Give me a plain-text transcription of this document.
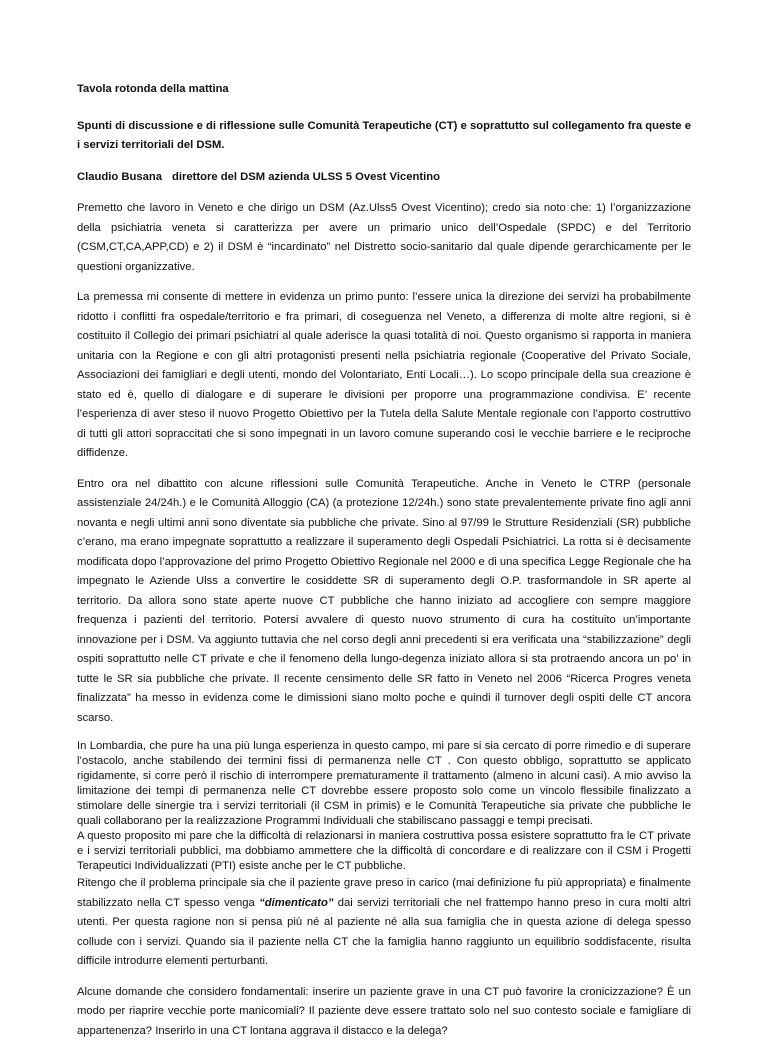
Tavola rotonda della mattina

Spunti di discussione e di riflessione sulle Comunità Terapeutiche (CT) e soprattutto sul collegamento fra queste e i servizi territoriali del DSM.

Claudio Busana direttore del DSM azienda ULSS 5 Ovest Vicentino

Premetto che lavoro in Veneto e che dirigo un DSM (Az.Ulss5 Ovest Vicentino); credo sia noto che: 1) l’organizzazione della psichiatria veneta si caratterizza per avere un primario unico dell’Ospedale (SPDC) e del Territorio (CSM,CT,CA,APP,CD) e 2) il DSM è “incardinato” nel Distretto socio-sanitario dal quale dipende gerarchicamente per le questioni organizzative.

La premessa mi consente di mettere in evidenza un primo punto: l’essere unica la direzione dei servizi ha probabilmente ridotto i conflitti fra ospedale/territorio e fra primari, di coseguenza nel Veneto, a differenza di molte altre regioni, si è costituito il Collegio dei primari psichiatri al quale aderisce la quasi totalità di noi. Questo organismo si rapporta in maniera unitaria con la Regione e con gli altri protagonisti presenti nella psichiatria regionale (Cooperative del Privato Sociale, Associazioni dei famigliari e degli utenti, mondo del Volontariato, Enti Locali…). Lo scopo principale della sua creazione è stato ed è, quello di dialogare e di superare le divisioni per proporre una programmazione condivisa. E’ recente l’esperienza di aver steso il nuovo Progetto Obiettivo per la Tutela della Salute Mentale regionale con l’apporto costruttivo di tutti gli attori sopraccitati che si sono impegnati in un lavoro comune superando così le vecchie barriere e le reciproche diffidenze.

Entro ora nel dibattito con alcune riflessioni sulle Comunità Terapeutiche. Anche in Veneto le CTRP (personale assistenziale 24/24h.) e le Comunità Alloggio (CA) (a protezione 12/24h.) sono state prevalentemente private fino agli anni novanta e negli ultimi anni sono diventate sia pubbliche che private. Sino al 97/99 le Strutture Residenziali (SR) pubbliche c’erano, ma erano impegnate soprattutto a realizzare il superamento degli Ospedali Psichiatrici. La rotta si è decisamente modificata dopo l’approvazione del primo Progetto Obiettivo Regionale nel 2000 e di una specifica Legge Regionale che ha impegnato le Aziende Ulss a convertire le cosiddette SR di superamento degli O.P. trasformandole in SR aperte al territorio. Da allora sono state aperte nuove CT pubbliche che hanno iniziato ad accogliere con sempre maggiore frequenza i pazienti del territorio. Potersi avvalere di questo nuovo strumento di cura ha costituito un’importante innovazione per i DSM. Va aggiunto tuttavia che nel corso degli anni precedenti si era verificata una “stabilizzazione” degli ospiti soprattutto nelle CT private e che il fenomeno della lungo-degenza iniziato allora si sta protraendo ancora un po’ in tutte le SR sia pubbliche che private. Il recente censimento delle SR fatto in Veneto nel 2006 “Ricerca Progres veneta finalizzata” ha messo in evidenza come le dimissioni siano molto poche e quindi il turnover degli ospiti delle CT ancora scarso.

In Lombardia, che pure ha una più lunga esperienza in questo campo, mi pare si sia cercato di porre rimedio e di superare l’ostacolo, anche stabilendo dei termini fissi di permanenza nelle CT . Con questo obbligo, soprattutto se applicato rigidamente, si corre però il rischio di interrompere prematuramente il trattamento (almeno in alcuni casi). A mio avviso la limitazione dei tempi di permanenza nelle CT dovrebbe essere proposto solo come un vincolo flessibile finalizzato a stimolare delle sinergie tra i servizi territoriali (il CSM in primis) e le Comunità Terapeutiche sia private che pubbliche le quali collaborano per la realizzazione Programmi Individuali che stabiliscano passaggi e tempi precisati.

A questo proposito mi pare che la difficoltà di relazionarsi in maniera costruttiva possa esistere soprattutto fra le CT private e i servizi territoriali pubblici, ma dobbiamo ammettere che la difficoltà di concordare e di realizzare con il CSM i Progetti Terapeutici Individualizzati (PTI) esiste anche per le CT pubbliche.

Ritengo che il problema principale sia che il paziente grave preso in carico (mai definizione fu più appropriata) e finalmente stabilizzato nella CT spesso venga “dimenticato” dai servizi territoriali che nel frattempo hanno preso in cura molti altri utenti. Per questa ragione non si pensa più né al paziente né alla sua famiglia che in questa azione di delega spesso collude con i servizi. Quando sia il paziente nella CT che la famiglia hanno raggiunto un equilibrio soddisfacente, risulta difficile introdurre elementi perturbanti.

Alcune domande che considero fondamentali: inserire un paziente grave in una CT può favorire la cronicizzazione? È un modo per riaprire vecchie porte manicomiali? Il paziente deve essere trattato solo nel suo contesto sociale e famigliare di appartenenza? Inserirlo in una CT lontana aggrava il distacco e la delega?
